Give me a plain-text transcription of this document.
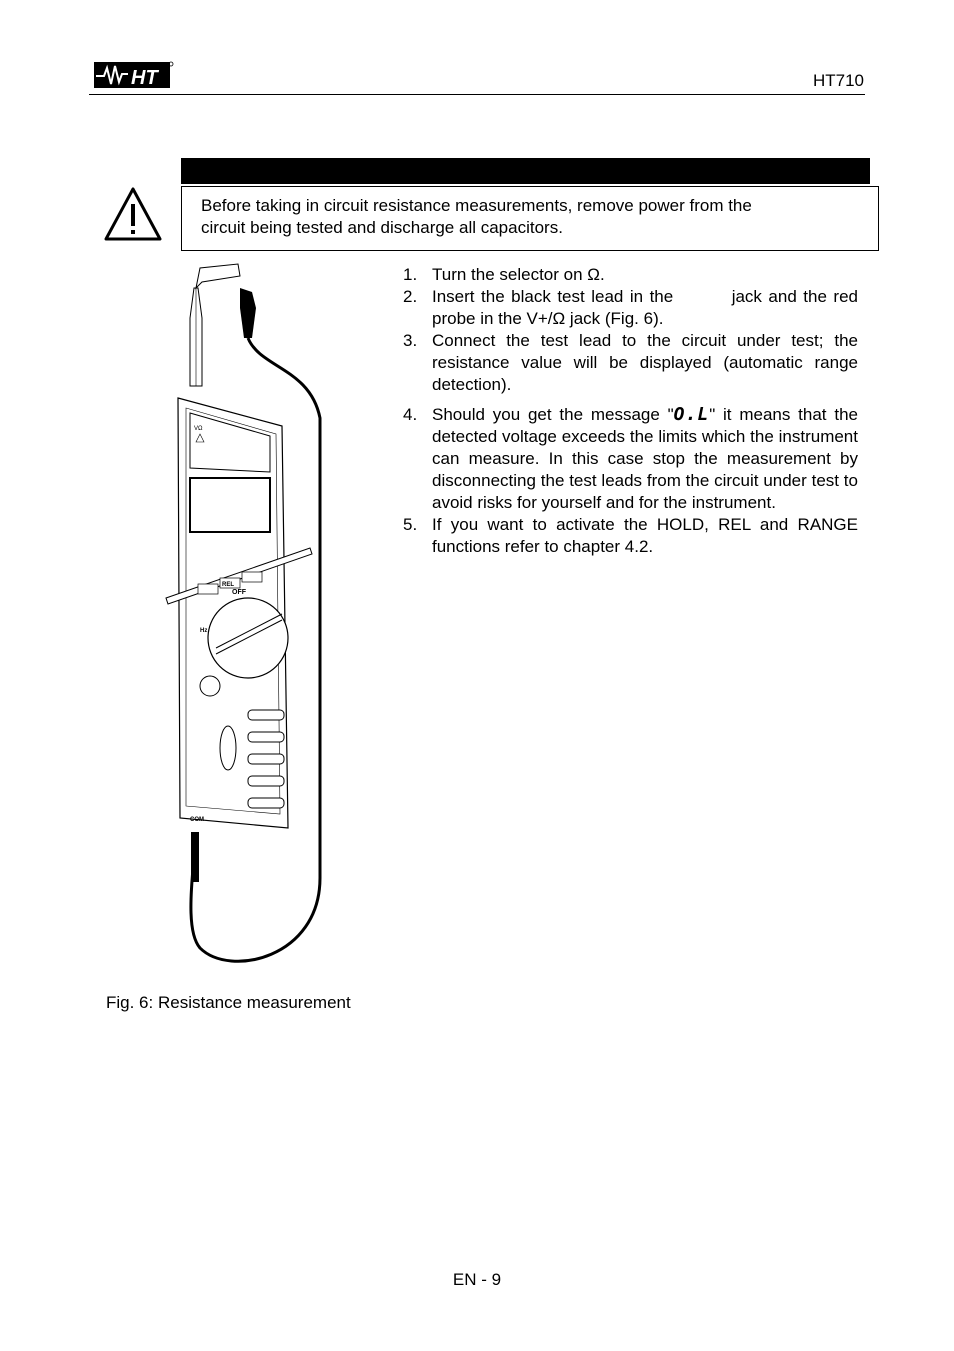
HT	HT710
Before taking in circuit resistance measurements, remove power from the
circuit being tested and discharge all capacitors.
VΩ
REL
OFF
Hz
COM
Fig. 6: Resistance measurement
1. Turn the selector on Ω.
2. Insert the black test lead in the	jack and the red probe in the V+/Ω jack (Fig. 6).
3. Connect the test lead to the circuit under test; the resistance value will be displayed (automatic range detection).
4. Should you get the message "O.L" it means that the detected voltage exceeds the limits which the instrument can measure. In this case stop the measurement by disconnecting the test leads from the circuit under test to avoid risks for yourself and for the instrument.
5. If you want to activate the HOLD, REL and RANGE functions refer to chapter 4.2.
EN - 9
